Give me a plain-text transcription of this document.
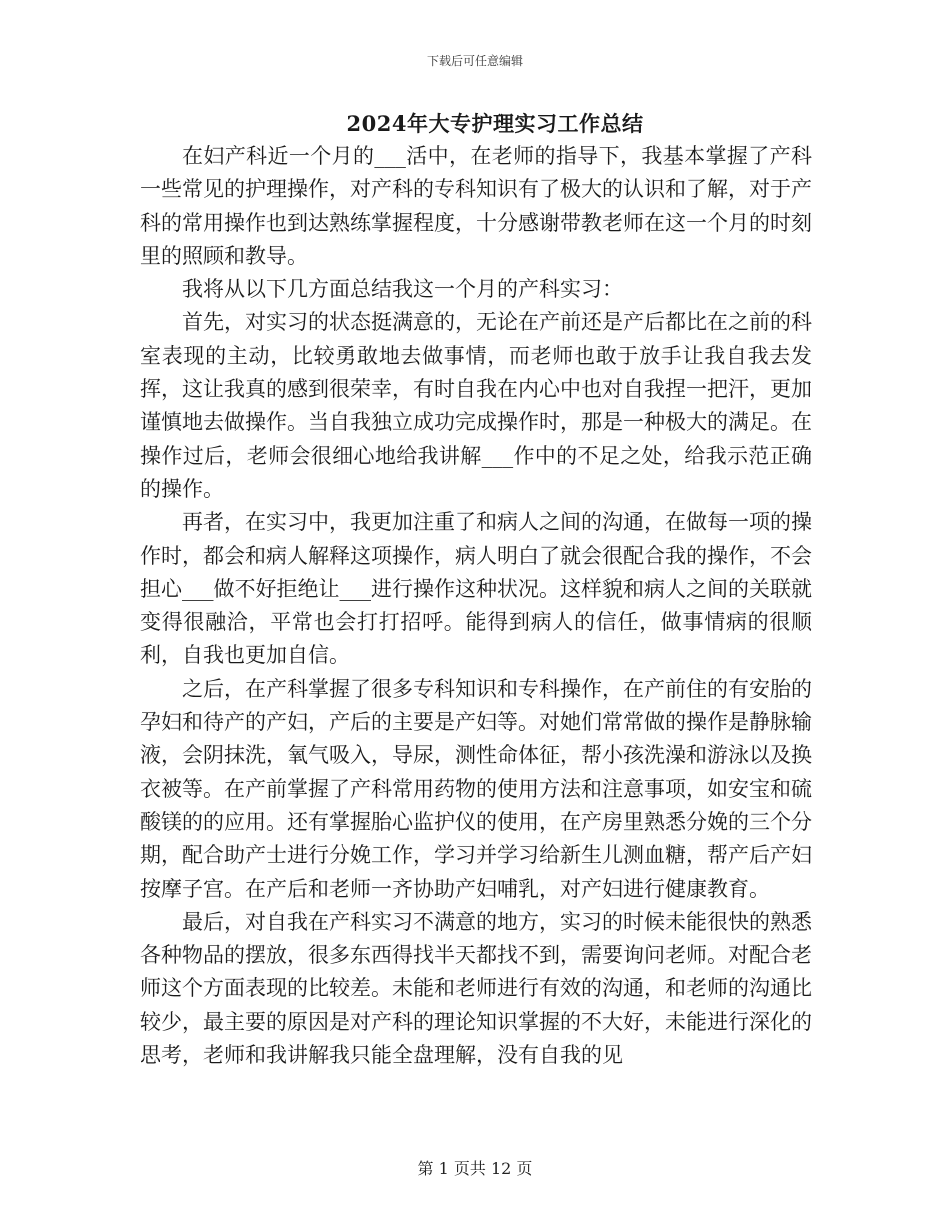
下载后可任意编辑
2024年大专护理实习工作总结

在妇产科近一个月的___活中，在老师的指导下，我基本掌握了产科一些常见的护理操作，对产科的专科知识有了极大的认识和了解，对于产科的常用操作也到达熟练掌握程度，十分感谢带教老师在这一个月的时刻里的照顾和教导。

我将从以下几方面总结我这一个月的产科实习：

首先，对实习的状态挺满意的，无论在产前还是产后都比在之前的科室表现的主动，比较勇敢地去做事情，而老师也敢于放手让我自我去发挥，这让我真的感到很荣幸，有时自我在内心中也对自我捏一把汗，更加谨慎地去做操作。当自我独立成功完成操作时，那是一种极大的满足。在操作过后，老师会很细心地给我讲解___作中的不足之处，给我示范正确的操作。

再者，在实习中，我更加注重了和病人之间的沟通，在做每一项的操作时，都会和病人解释这项操作，病人明白了就会很配合我的操作，不会担心___做不好拒绝让___进行操作这种状况。这样貌和病人之间的关联就变得很融洽，平常也会打打招呼。能得到病人的信任，做事情病的很顺利，自我也更加自信。

之后，在产科掌握了很多专科知识和专科操作，在产前住的有安胎的孕妇和待产的产妇，产后的主要是产妇等。对她们常常做的操作是静脉输液，会阴抹洗，氧气吸入，导尿，测性命体征，帮小孩洗澡和游泳以及换衣被等。在产前掌握了产科常用药物的使用方法和注意事项，如安宝和硫酸镁的的应用。还有掌握胎心监护仪的使用，在产房里熟悉分娩的三个分期，配合助产士进行分娩工作，学习并学习给新生儿测血糖，帮产后产妇按摩子宫。在产后和老师一齐协助产妇哺乳，对产妇进行健康教育。

最后，对自我在产科实习不满意的地方，实习的时候未能很快的熟悉各种物品的摆放，很多东西得找半天都找不到，需要询问老师。对配合老师这个方面表现的比较差。未能和老师进行有效的沟通，和老师的沟通比较少，最主要的原因是对产科的理论知识掌握的不大好，未能进行深化的思考，老师和我讲解我只能全盘理解，没有自我的见

第 1 页共 12 页
